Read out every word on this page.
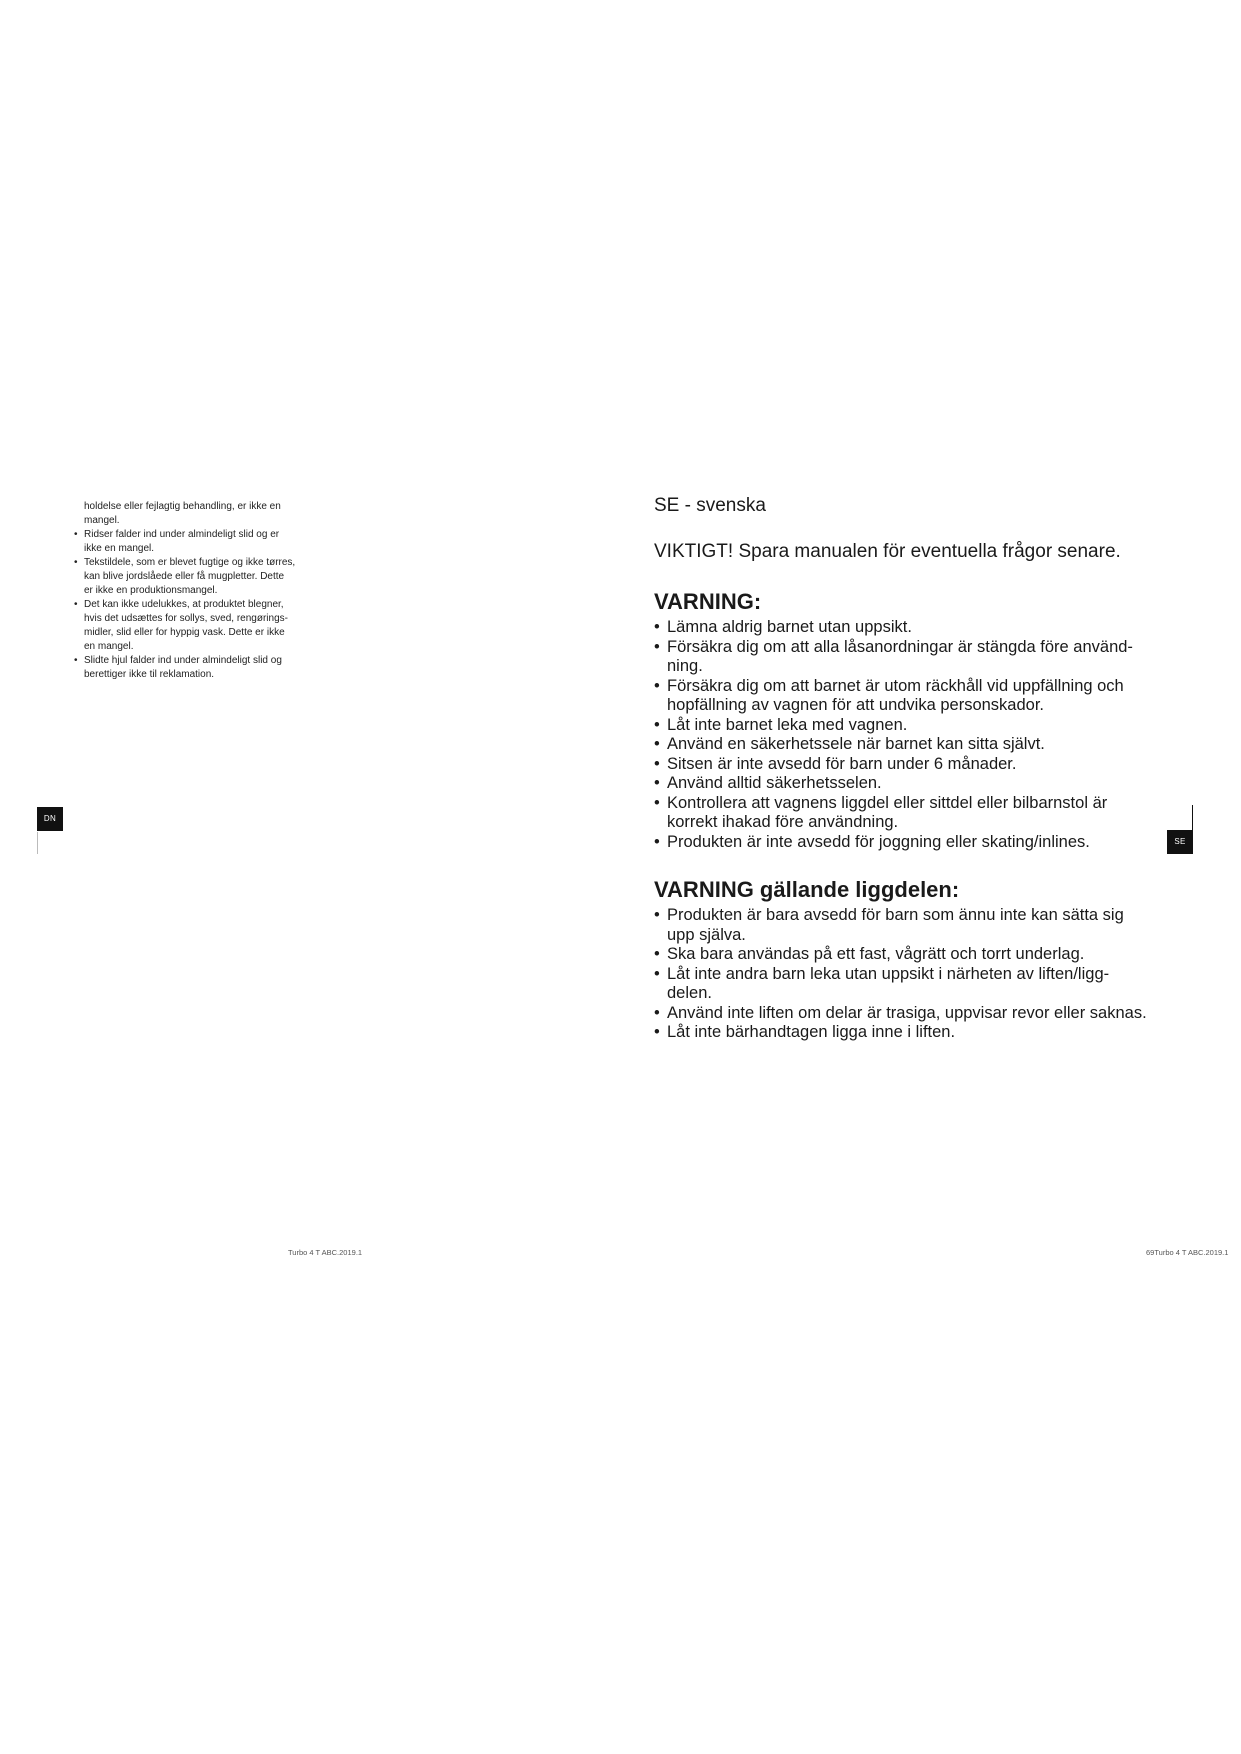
holdelse eller fejlagtig behandling, er ikke en
mangel.

• Ridser falder ind under almindeligt slid og er
ikke en mangel.
• Tekstildele, som er blevet fugtige og ikke tørres,
kan blive jordslåede eller få mugpletter. Dette
er ikke en produktionsmangel.
• Det kan ikke udelukkes, at produktet blegner,
hvis det udsættes for sollys, sved, rengørings-
midler, slid eller for hyppig vask. Dette er ikke
en mangel.
• Slidte hjul falder ind under almindeligt slid og
berettiger ikke til reklamation.
DN
Turbo 4 T ABC.2019.1
SE - svenska

VIKTIGT! Spara manualen för eventuella frågor senare.

VARNING:
• Lämna aldrig barnet utan uppsikt.
• Försäkra dig om att alla låsanordningar är stängda före använd-
ning.
• Försäkra dig om att barnet är utom räckhåll vid uppfällning och
hopfällning av vagnen för att undvika personskador.
• Låt inte barnet leka med vagnen.
• Använd en säkerhetssele när barnet kan sitta självt.
• Sitsen är inte avsedd för barn under 6 månader.
• Använd alltid säkerhetsselen.
• Kontrollera att vagnens liggdel eller sittdel eller bilbarnstol är
korrekt ihakad före användning.
• Produkten är inte avsedd för joggning eller skating/inlines.
VARNING gällande liggdelen:
• Produkten är bara avsedd för barn som ännu inte kan sätta sig
upp själva.
• Ska bara användas på ett fast, vågrätt och torrt underlag.
• Låt inte andra barn leka utan uppsikt i närheten av liften/ligg-
delen.
• Använd inte liften om delar är trasiga, uppvisar revor eller saknas.
• Låt inte bärhandtagen ligga inne i liften.
SE
69Turbo 4 T ABC.2019.1
